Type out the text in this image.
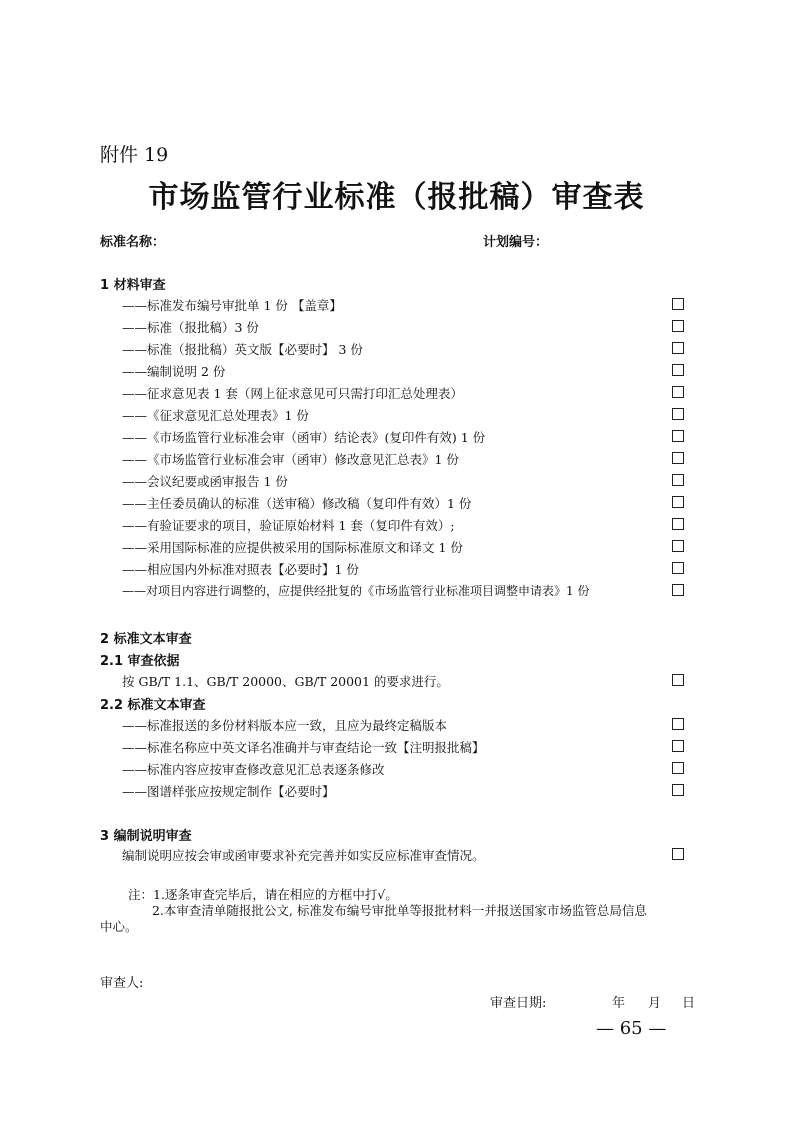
附件 19
市场监管行业标准（报批稿）审查表
标准名称：	计划编号：
1 材料审查
——标准发布编号审批单 1 份 【盖章】
——标准（报批稿）3 份
——标准（报批稿）英文版【必要时】 3 份
——编制说明 2 份
——征求意见表 1 套（网上征求意见可只需打印汇总处理表）
——《征求意见汇总处理表》1 份
——《市场监管行业标准会审（函审）结论表》(复印件有效) 1 份
——《市场监管行业标准会审（函审）修改意见汇总表》1 份
——会议纪要或函审报告 1 份
——主任委员确认的标准（送审稿）修改稿（复印件有效）1 份
——有验证要求的项目，验证原始材料 1 套（复印件有效）;
——采用国际标准的应提供被采用的国际标准原文和译文 1 份
——相应国内外标准对照表【必要时】1 份
——对项目内容进行调整的，应提供经批复的《市场监管行业标准项目调整申请表》1 份
2 标准文本审查
2.1 审查依据
按 GB/T 1.1、GB/T 20000、GB/T 20001 的要求进行。
2.2 标准文本审查
——标准报送的多份材料版本应一致，且应为最终定稿版本
——标准名称应中英文译名准确并与审查结论一致【注明报批稿】
——标准内容应按审查修改意见汇总表逐条修改
——图谱样张应按规定制作【必要时】
3 编制说明审查
编制说明应按会审或函审要求补充完善并如实反应标准审查情况。
注：1.逐条审查完毕后，请在相应的方框中打√。
2.本审查清单随报批公文, 标准发布编号审批单等报批材料一并报送国家市场监管总局信息
中心。
审查人:
审查日期:	年 月 日
— 65 —
